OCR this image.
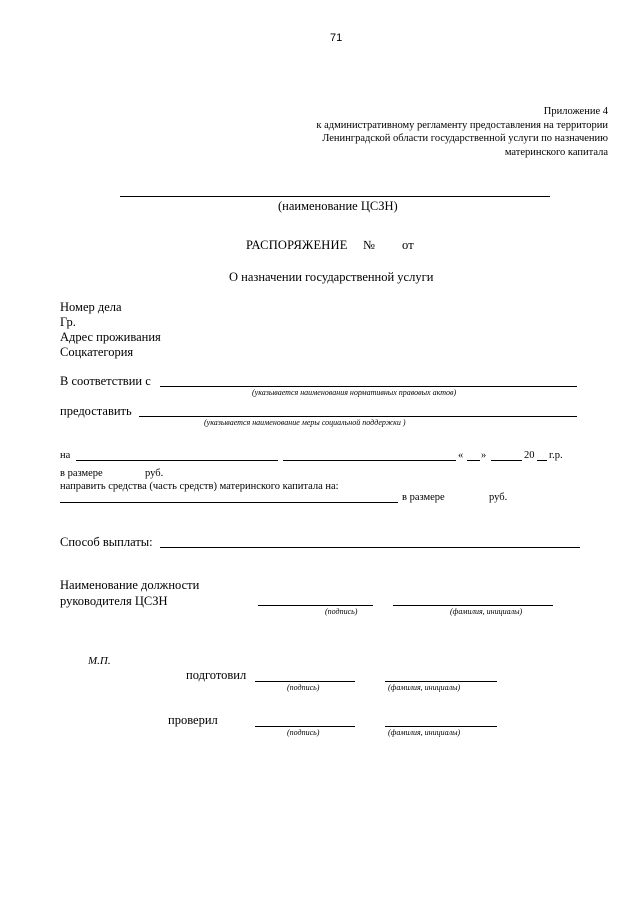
71
Приложение 4
к административному регламенту предоставления на территории
Ленинградской области государственной услуги по назначению
материнского капитала
(наименование ЦСЗН)
РАСПОРЯЖЕНИЕ № от
О назначении государственной услуги
Номер дела
Гр.
Адрес проживания
Соцкатегория
В соответствии с
(указывается наименования нормативных правовых актов)
предоставить
(указывается наименование меры социальной поддержки )
на	« »	20 г.р.
в размере	руб.
направить средства (часть средств) материнского капитала на:
в размере	руб.
Способ выплаты:
Наименование должности
руководителя ЦСЗН
(подпись)	(фамилия, инициалы)
М.П.
подготовил
(подпись)	(фамилия, инициалы)
проверил
(подпись)	(фамилия, инициалы)
